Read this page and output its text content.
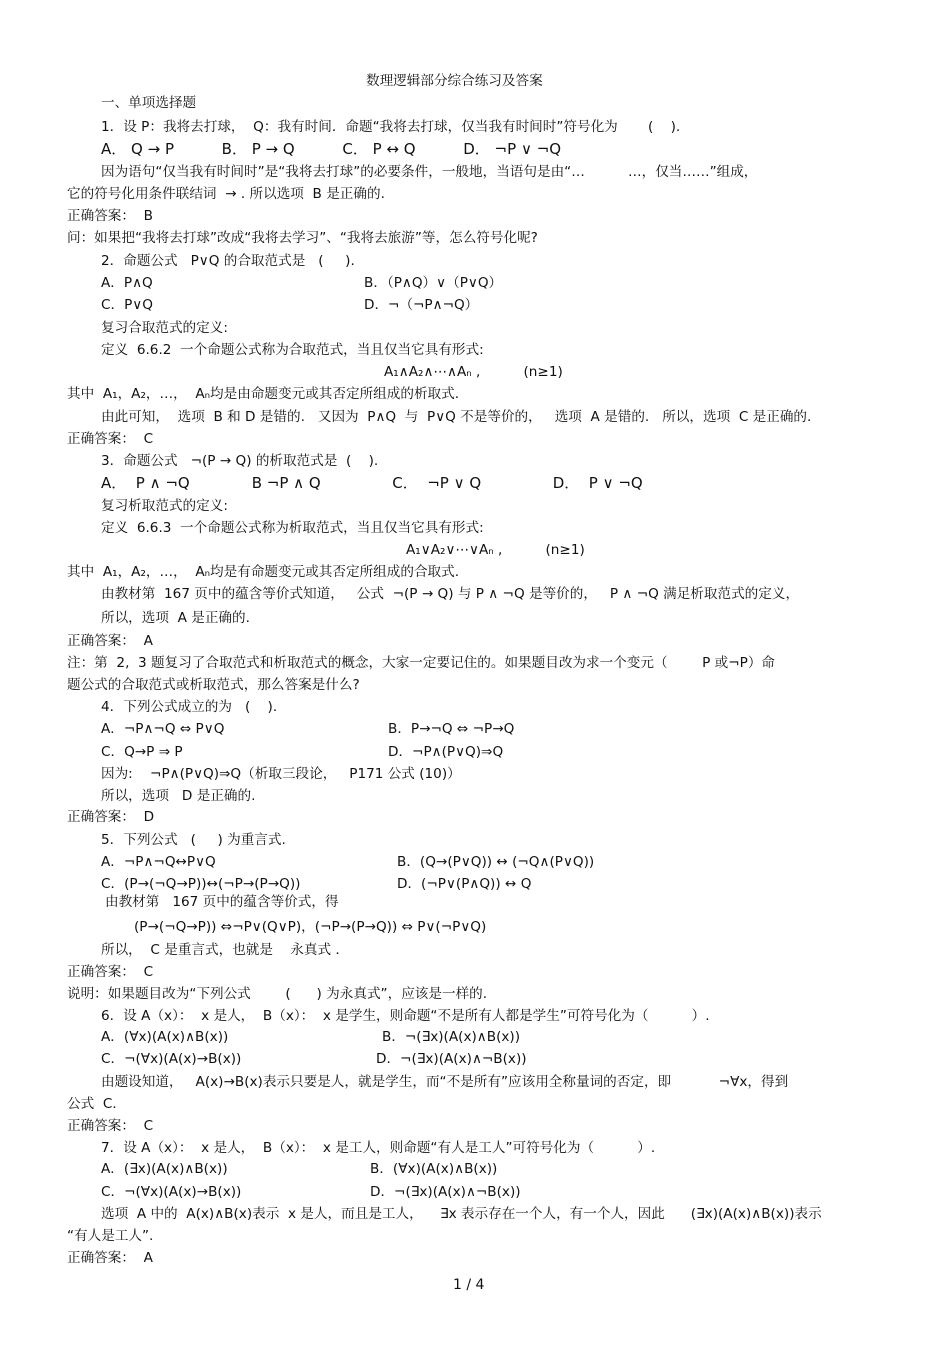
数理逻辑部分综合练习及答案
一、单项选择题
1．设 P：我将去打球，  Q：我有时间．命题“我将去打球，仅当我有时间时”符号化为       (    ).
A． Q → P          B． P → Q          C． P ↔ Q          D． ¬P ∨ ¬Q
因为语句“仅当我有时间时”是“我将去打球”的必要条件，一般地，当语句是由“…          …，仅当……”组成，
它的符号化用条件联结词  → . 所以选项  B 是正确的.
正确答案：  B
问：如果把“我将去打球”改成“我将去学习”、“我将去旅游”等，怎么符号化呢?
2．命题公式   P∨Q 的合取范式是   (     ).
A．P∧Q	B．（P∧Q）∨（P∨Q）
C．P∨Q	D．¬（¬P∧¬Q）
复习合取范式的定义:
定义  6.6.2  一个命题公式称为合取范式，当且仅当它具有形式:
A₁∧A₂∧⋯∧Aₙ ,          (n≥1)
其中  A₁，A₂，…，  Aₙ均是由命题变元或其否定所组成的析取式.
由此可知，  选项  B 和 D 是错的.   又因为  P∧Q  与  P∨Q 不是等价的，   选项  A 是错的.   所以，选项  C 是正确的.
正确答案：  C
3．命题公式   ¬(P → Q) 的析取范式是  (    ).
A．  P ∧ ¬Q             B ¬P ∧ Q               C．  ¬P ∨ Q               D．  P ∨ ¬Q
复习析取范式的定义:
定义  6.6.3  一个命题公式称为析取范式，当且仅当它具有形式:
A₁∨A₂∨⋯∨Aₙ ,          (n≥1)
其中  A₁，A₂，…，  Aₙ均是有命题变元或其否定所组成的合取式.
由教材第  167 页中的蕴含等价式知道，   公式  ¬(P → Q) 与 P ∧ ¬Q 是等价的，   P ∧ ¬Q 满足析取范式的定义，
所以，选项  A 是正确的.
正确答案：  A
注：第  2,  3 题复习了合取范式和析取范式的概念，大家一定要记住的。如果题目改为求一个变元（        P 或¬P）命
题公式的合取范式或析取范式，那么答案是什么?
4．下列公式成立的为   (    ).
A．¬P∧¬Q ⇔ P∨Q	B．P→¬Q ⇔ ¬P→Q
C．Q→P ⇒ P	D．¬P∧(P∨Q)⇒Q
因为:    ¬P∧(P∨Q)⇒Q（析取三段论，   P171 公式 (10)）
所以，选项   D 是正确的.
正确答案：  D
5．下列公式   (     ) 为重言式.
A．¬P∧¬Q↔P∨Q	B．(Q→(P∨Q)) ↔ (¬Q∧(P∨Q))
C．(P→(¬Q→P))↔(¬P→(P→Q))	D．(¬P∨(P∧Q)) ↔ Q
由教材第   167 页中的蕴含等价式，得
(P→(¬Q→P)) ⇔¬P∨(Q∨P)，(¬P→(P→Q)) ⇔ P∨(¬P∨Q)
所以，  C 是重言式，也就是    永真式 .
正确答案：  C
说明：如果题目改为“下列公式        (      ) 为永真式”，应该是一样的.
6．设 A（x）：  x 是人，  B（x）：  x 是学生，则命题“不是所有人都是学生”可符号化为（          ）.
A．(∀x)(A(x)∧B(x))	B．¬(∃x)(A(x)∧B(x))
C．¬(∀x)(A(x)→B(x))	D．¬(∃x)(A(x)∧¬B(x))
由题设知道，   A(x)→B(x)表示只要是人，就是学生，而“不是所有”应该用全称量词的否定，即           ¬∀x，得到
公式  C．
正确答案：  C
7．设 A（x）：  x 是人，  B（x）：  x 是工人，则命题“有人是工人”可符号化为（          ）.
A．(∃x)(A(x)∧B(x))	B．(∀x)(A(x)∧B(x))
C．¬(∀x)(A(x)→B(x))	D．¬(∃x)(A(x)∧¬B(x))
选项  A 中的  A(x)∧B(x)表示  x 是人，而且是工人，    ∃x 表示存在一个人，有一个人，因此      (∃x)(A(x)∧B(x))表示
“有人是工人”.
正确答案：  A
1 / 4
